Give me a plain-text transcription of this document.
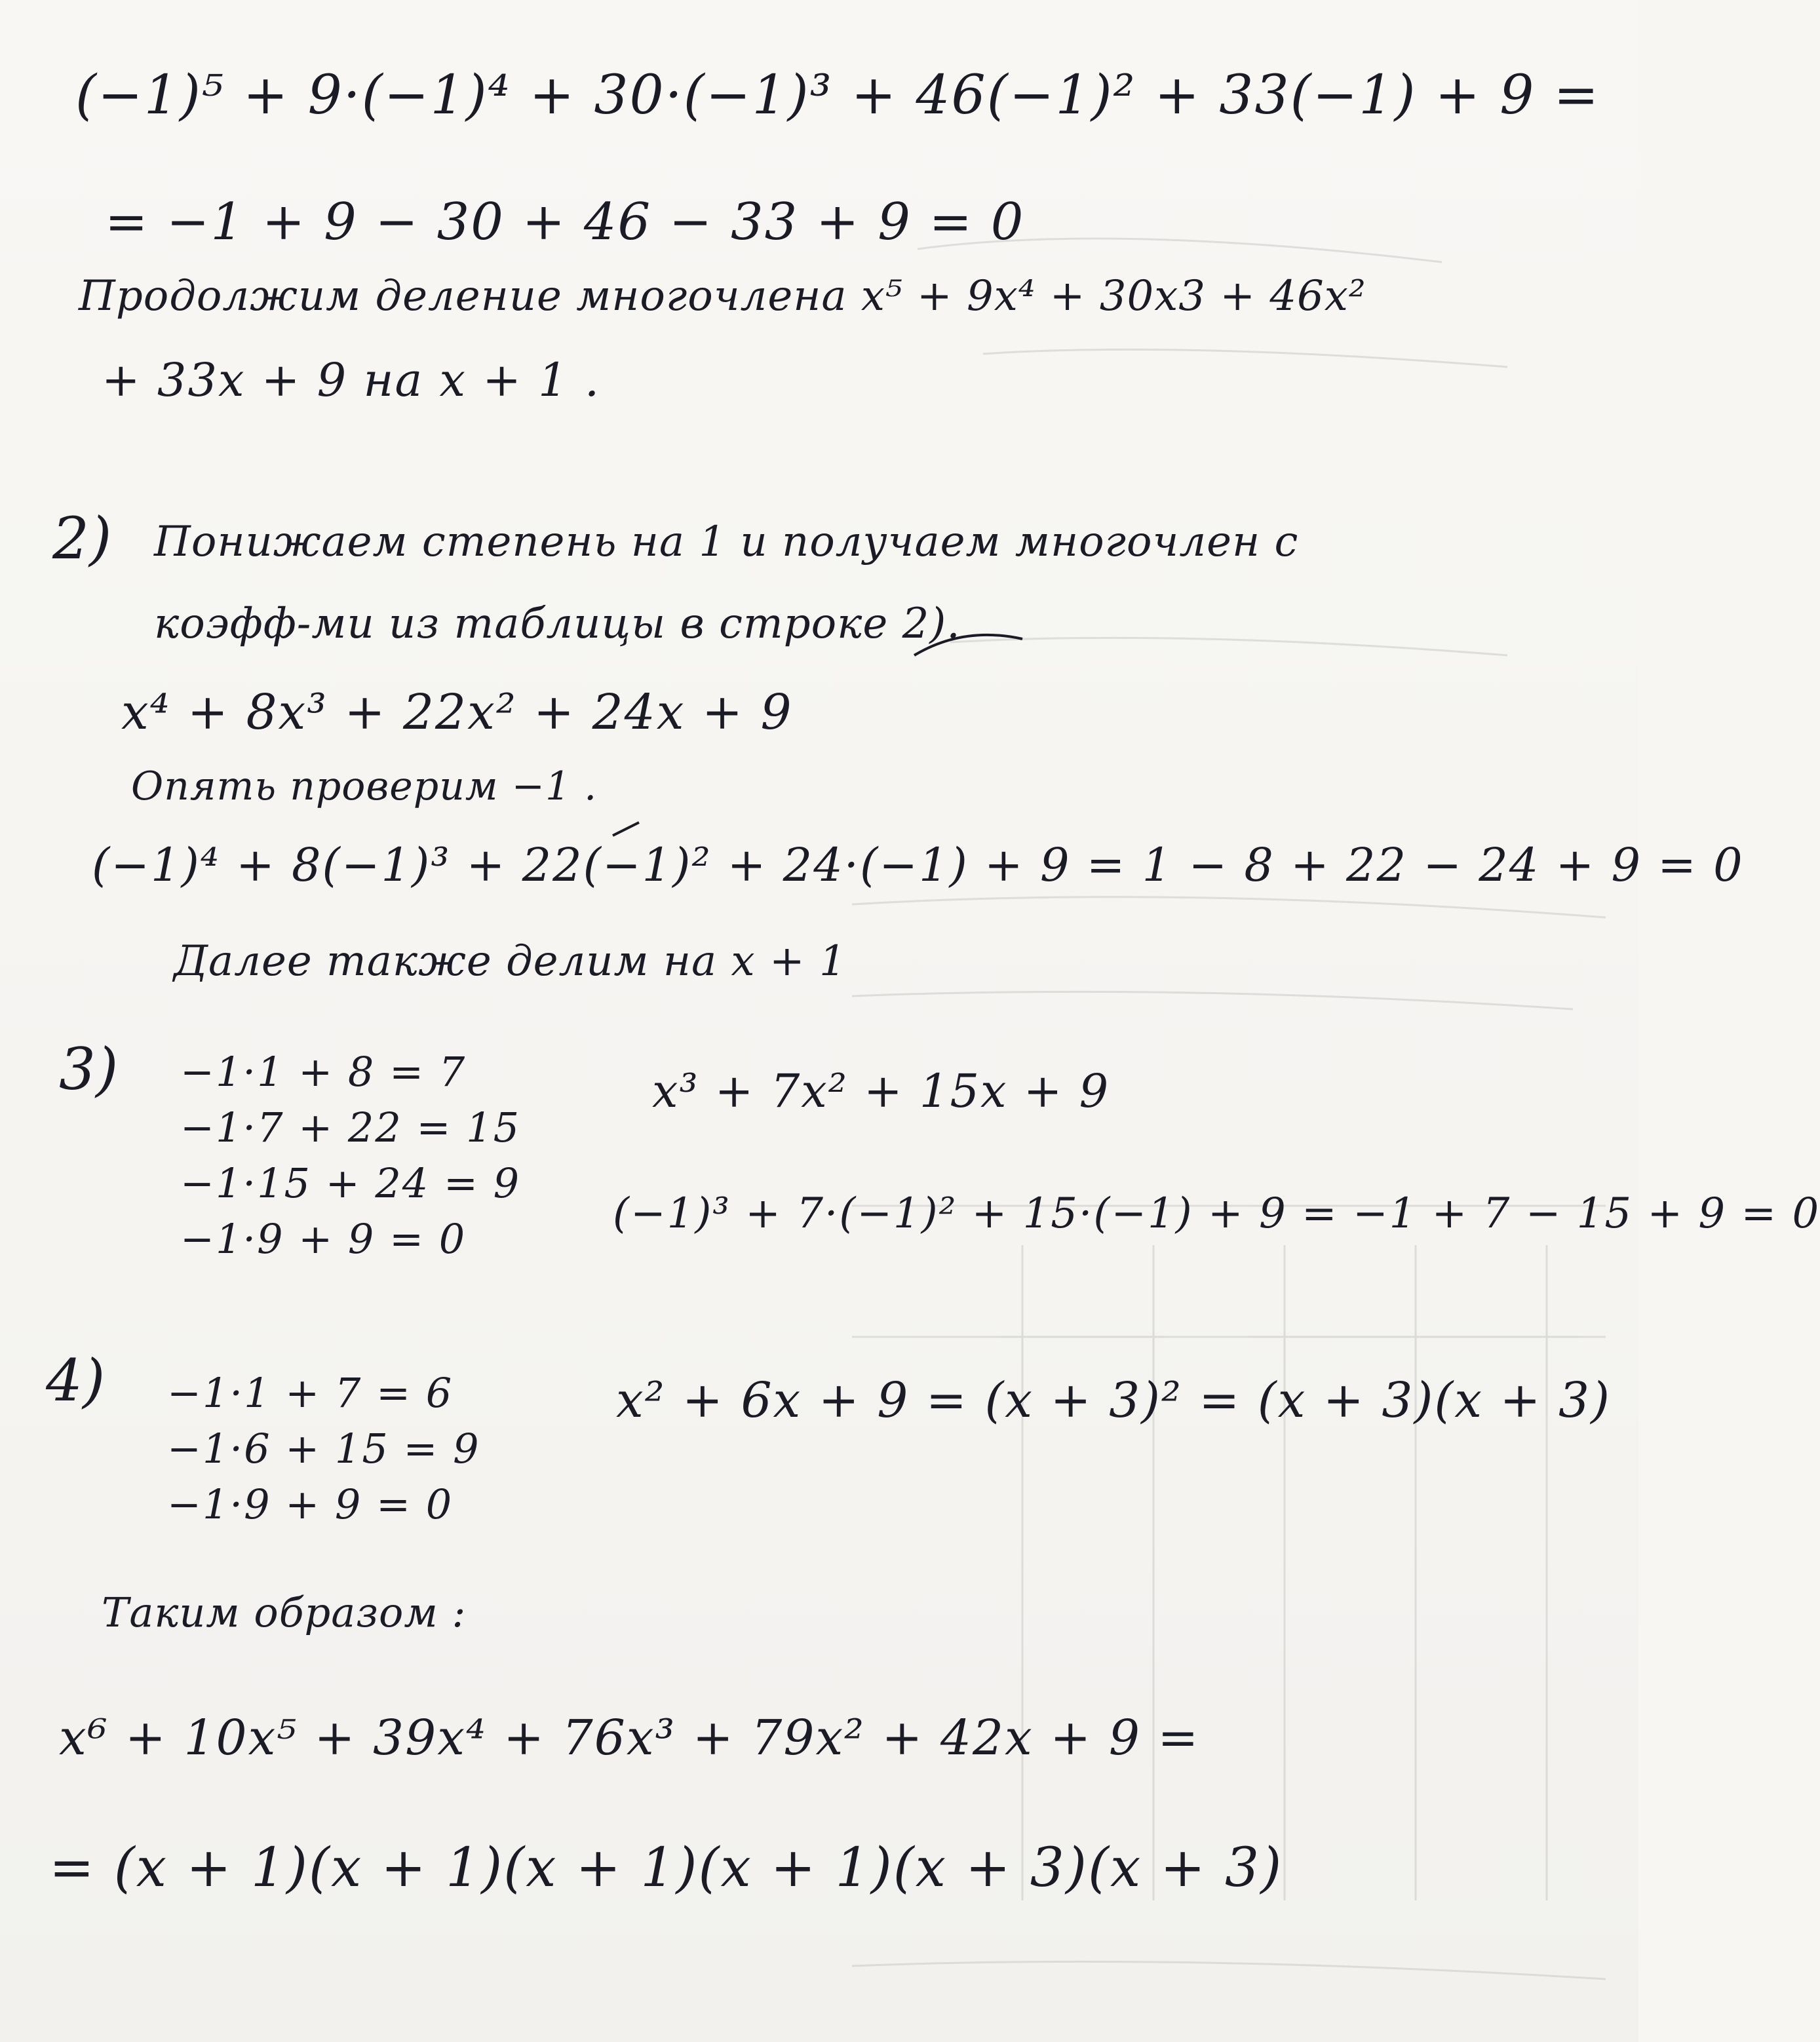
(−1)⁵ + 9·(−1)⁴ + 30·(−1)³ + 46(−1)² + 33(−1) + 9 =
= −1 + 9 − 30 + 46 − 33 + 9 = 0
Продолжим деление многочлена x⁵ + 9x⁴ + 30x3 + 46x²
+ 33x + 9 на x + 1 .
2) Понижаем степень на 1 и получаем многочлен с
коэфф-ми из таблицы в строке 2).
x⁴ + 8x³ + 22x² + 24x + 9
Опять проверим −1 .
(−1)⁴ + 8(−1)³ + 22(−1)² + 24·(−1) + 9 = 1 − 8 + 22 − 24 + 9 = 0
Далее также делим на x + 1
3) −1·1 + 8 = 7
−1·7 + 22 = 15
−1·15 + 24 = 9
−1·9 + 9 = 0
x³ + 7x² + 15x + 9
(−1)³ + 7·(−1)² + 15·(−1) + 9 = −1 + 7 − 15 + 9 = 0
4) −1·1 + 7 = 6
−1·6 + 15 = 9
−1·9 + 9 = 0
x² + 6x + 9 = (x + 3)² = (x + 3)(x + 3)
Таким образом :
x⁶ + 10x⁵ + 39x⁴ + 76x³ + 79x² + 42x + 9 =
= (x + 1)(x + 1)(x + 1)(x + 1)(x + 3)(x + 3)
